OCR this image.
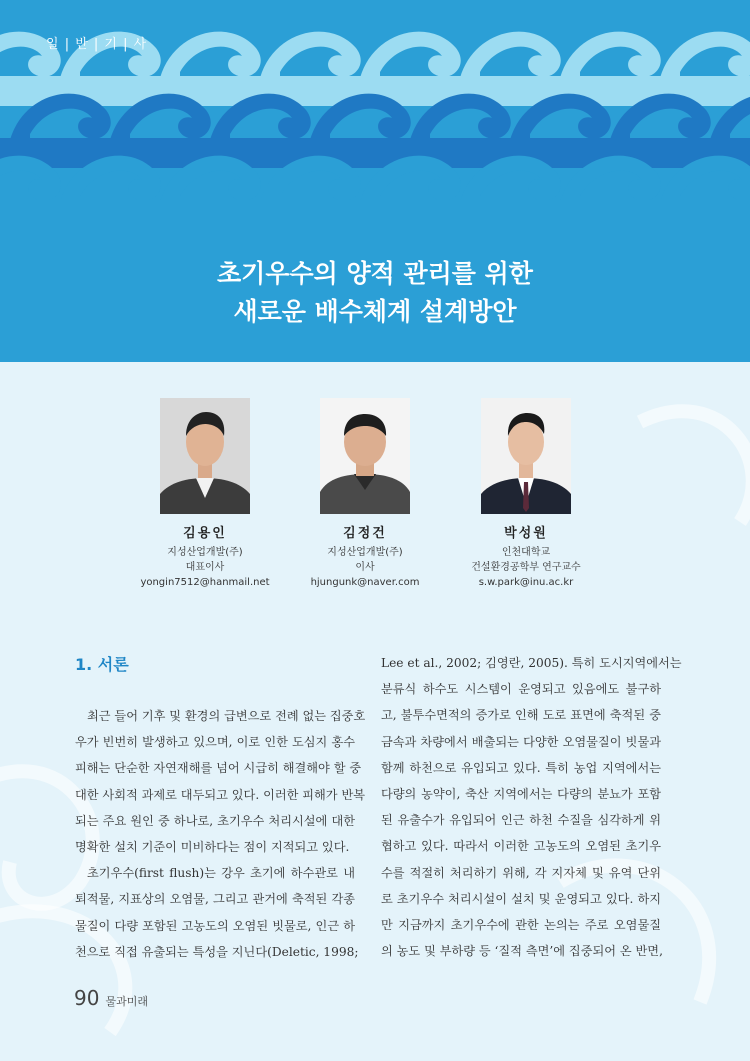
일 | 반 | 기 | 사
초기우수의 양적 관리를 위한
새로운 배수체계 설계방안
김용인
지성산업개발(주)
대표이사
yongin7512@hanmail.net
김정건
지성산업개발(주)
이사
hjungunk@naver.com
박성원
인천대학교
건설환경공학부 연구교수
s.w.park@inu.ac.kr
1. 서론

최근 들어 기후 및 환경의 급변으로 전례 없는 집중호

우가 빈번히 발생하고 있으며, 이로 인한 도심지 홍수

피해는 단순한 자연재해를 넘어 시급히 해결해야 할 중

대한 사회적 과제로 대두되고 있다. 이러한 피해가 반복

되는 주요 원인 중 하나로, 초기우수 처리시설에 대한

명확한 설치 기준이 미비하다는 점이 지적되고 있다.

초기우수(first flush)는 강우 초기에 하수관로 내

퇴적물, 지표상의 오염물, 그리고 관거에 축적된 각종

물질이 다량 포함된 고농도의 오염된 빗물로, 인근 하

천으로 직접 유출되는 특성을 지닌다(Deletic, 1998;

Lee et al., 2002; 김영란, 2005). 특히 도시지역에서는

분류식 하수도 시스템이 운영되고 있음에도 불구하

고, 불투수면적의 증가로 인해 도로 표면에 축적된 중

금속과 차량에서 배출되는 다양한 오염물질이 빗물과

함께 하천으로 유입되고 있다. 특히 농업 지역에서는

다량의 농약이, 축산 지역에서는 다량의 분뇨가 포함

된 유출수가 유입되어 인근 하천 수질을 심각하게 위

협하고 있다. 따라서 이러한 고농도의 오염된 초기우

수를 적절히 처리하기 위해, 각 지자체 및 유역 단위

로 초기우수 처리시설이 설치 및 운영되고 있다. 하지

만 지금까지 초기우수에 관한 논의는 주로 오염물질

의 농도 및 부하량 등 ‘질적 측면’에 집중되어 온 반면,

90 물과미래
